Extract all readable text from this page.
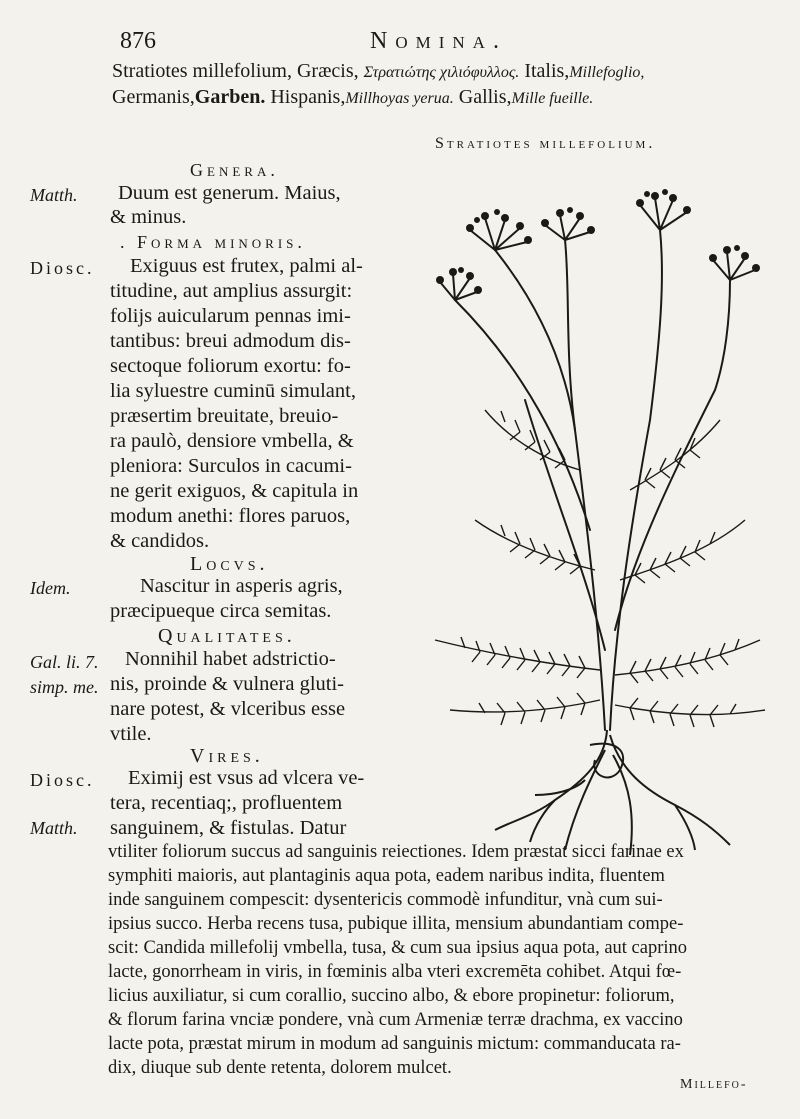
876	Nomina.
Stratiotes millefolium, Græcis, Στρατιώτης χιλιόφυλλος. Italis,Millefoglio,
Germanis,Garben. Hispanis,Millhoyas yerua. Gallis,Mille fueille.
Stratiotes millefolium.
Genera.
Matth. Duum est generum. Maius,
& minus.
. Forma minoris.
Diosc. Exiguus est frutex, palmi al-
titudine, aut amplius assurgit:
folijs auicularum pennas imi-
tantibus: breui admodum dis-
sectoque foliorum exortu: fo-
lia syluestre cuminū simulant,
præsertim breuitate, breuio-
ra paulò, densiore vmbella, &
pleniora: Surculos in cacumi-
ne gerit exiguos, & capitula in
modum anethi: flores paruos,
& candidos.
Locvs.
Idem.	Nascitur in asperis agris,
præcipueque circa semitas.
Qualitates.
Gal. li. 7.
simp. me.
Nonnihil habet adstrictio-
nis, proinde & vulnera gluti-
nare potest, & vlceribus esse
vtile.
Vires.
Diosc.
Matth.
Eximij est vsus ad vlcera ve-
tera, recentiaq;, profluentem
sanguinem, & fistulas. Datur
vtiliter foliorum succus ad sanguinis reiectiones. Idem præstat sicci farinae ex
symphiti maioris, aut plantaginis aqua pota, eadem naribus indita, fluentem
inde sanguinem compescit: dysentericis commodè infunditur, vnà cum sui-
ipsius succo. Herba recens tusa, pubique illita, mensium abundantiam compe-
scit: Candida millefolij vmbella, tusa, & cum sua ipsius aqua pota, aut caprino
lacte, gonorrheam in viris, in fœminis alba vteri excremēta cohibet. Atqui fœ-
licius auxiliatur, si cum corallio, succino albo, & ebore propinetur: foliorum,
& florum farina vnciæ pondere, vnà cum Armeniæ terræ drachma, ex vaccino
lacte pota, præstat mirum in modum ad sanguinis mictum: commanducata ra-
dix, diuque sub dente retenta, dolorem mulcet.
Millefo-
